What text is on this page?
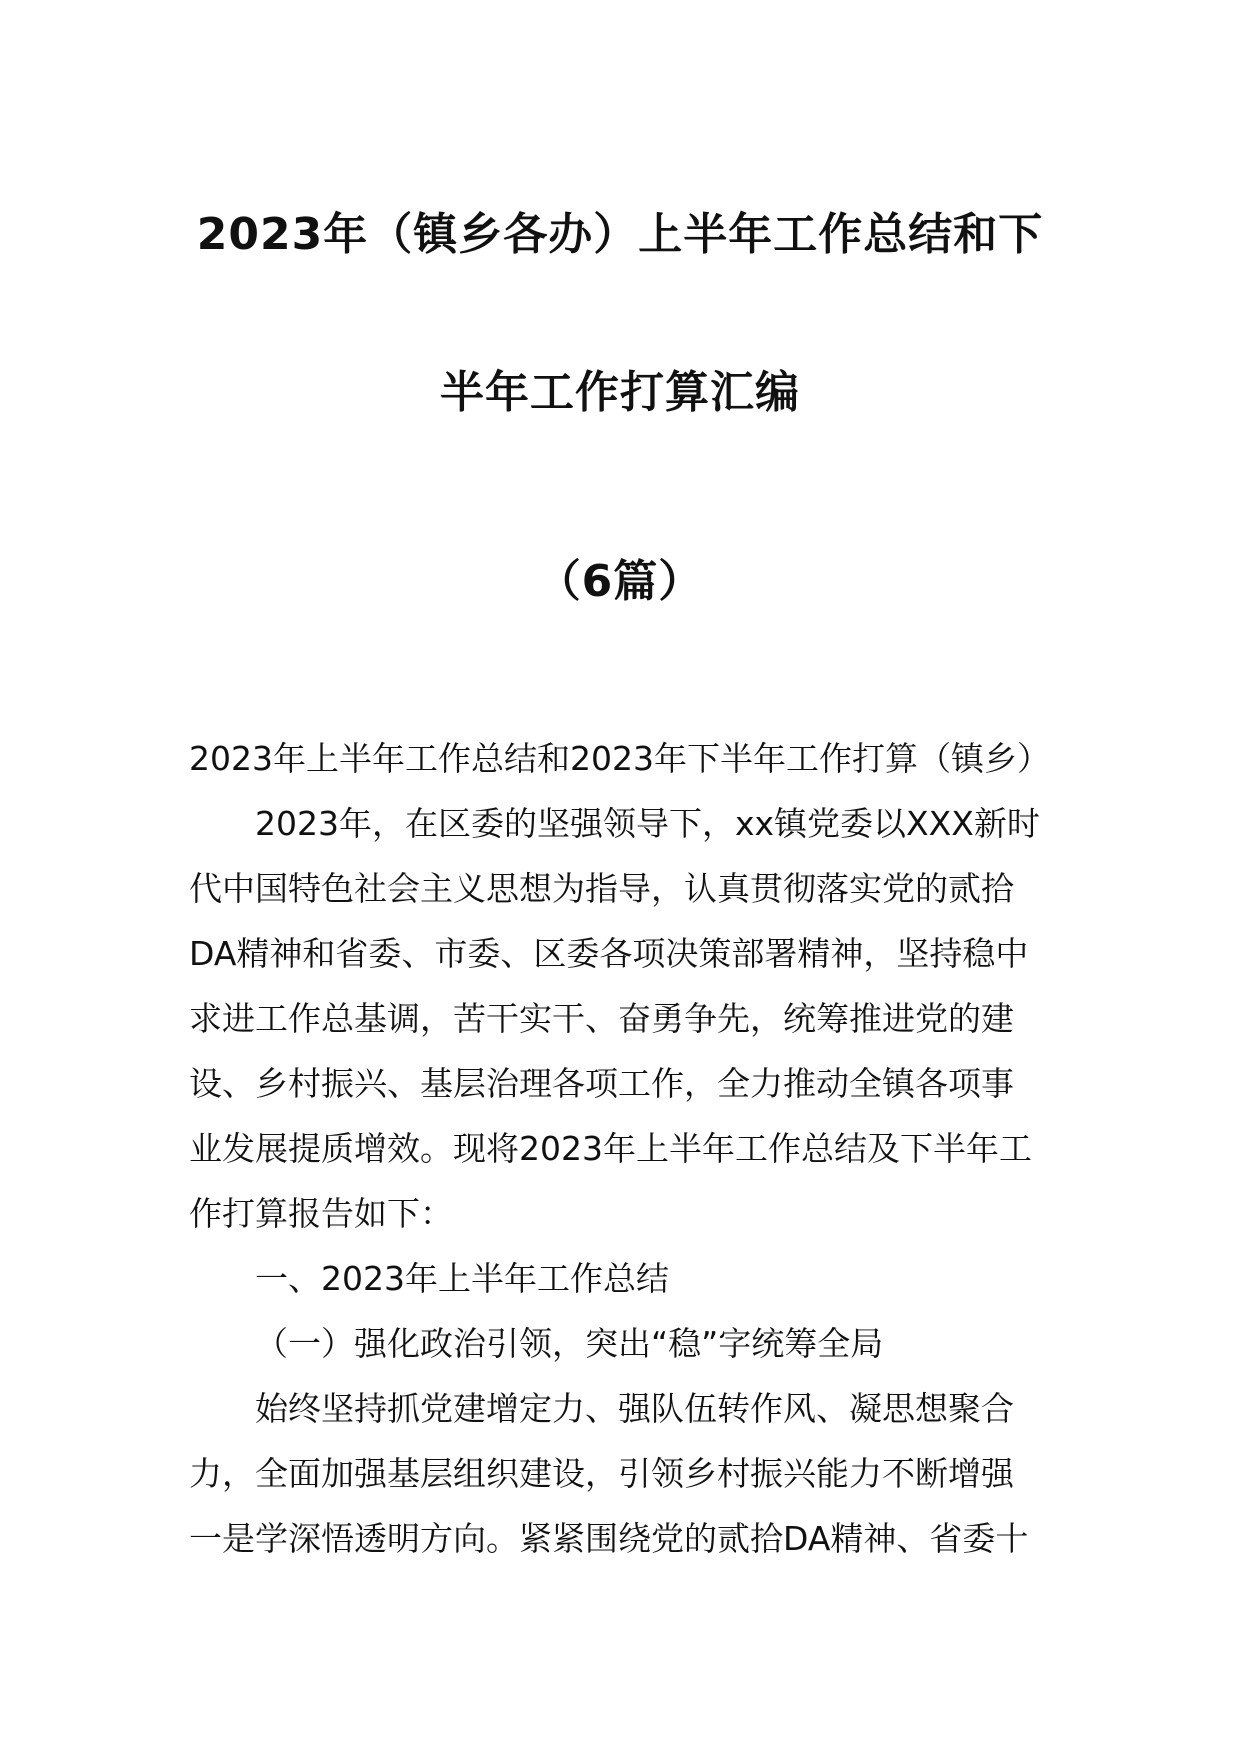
2023年（镇乡各办）上半年工作总结和下
半年工作打算汇编
（6篇）
2023年上半年工作总结和2023年下半年工作打算（镇乡）
2023年，在区委的坚强领导下，xx镇党委以XXX新时
代中国特色社会主义思想为指导，认真贯彻落实党的贰拾
DA精神和省委、市委、区委各项决策部署精神，坚持稳中
求进工作总基调，苦干实干、奋勇争先，统筹推进党的建
设、乡村振兴、基层治理各项工作，全力推动全镇各项事
业发展提质增效。现将2023年上半年工作总结及下半年工
作打算报告如下：
一、2023年上半年工作总结
（一）强化政治引领，突出“稳”字统筹全局
始终坚持抓党建增定力、强队伍转作风、凝思想聚合
力，全面加强基层组织建设，引领乡村振兴能力不断增强
一是学深悟透明方向。紧紧围绕党的贰拾DA精神、省委十
